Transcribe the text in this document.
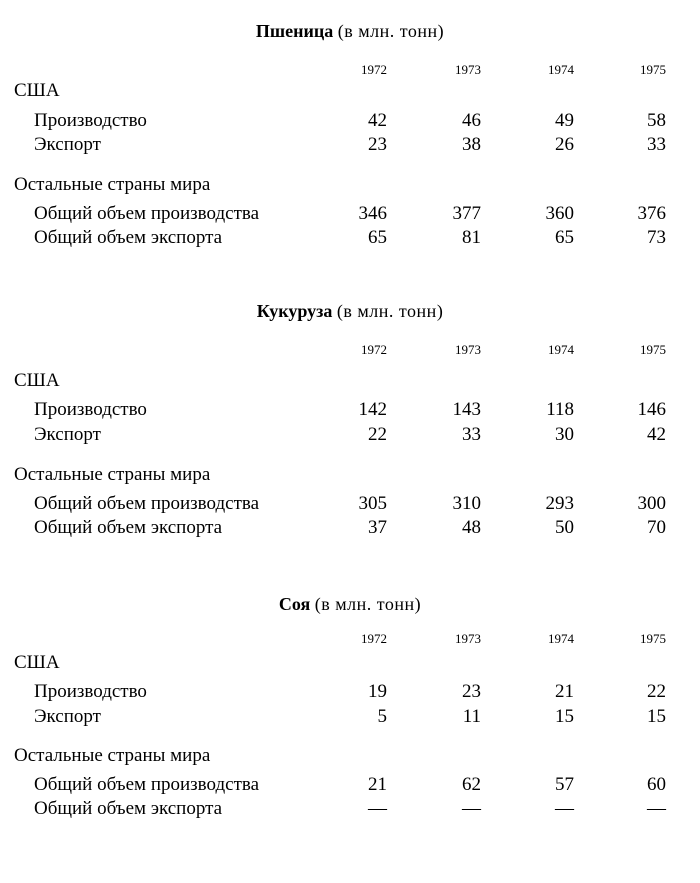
Пшеница (в млн. тонн)
1972	1973	1974	1975
США
Производство	42	46	49	58
Экспорт	23	38	26	33
Остальные страны мира
Общий объем производства	346	377	360	376
Общий объем экспорта	65	81	65	73
Кукуруза (в млн. тонн)
1972	1973	1974	1975
США
Производство	142	143	118	146
Экспорт	22	33	30	42
Остальные страны мира
Общий объем производства	305	310	293	300
Общий объем экспорта	37	48	50	70
Соя (в млн. тонн)
1972	1973	1974	1975
США
Производство	19	23	21	22
Экспорт	5	11	15	15
Остальные страны мира
Общий объем производства	21	62	57	60
Общий объем экспорта	—	—	—	—
